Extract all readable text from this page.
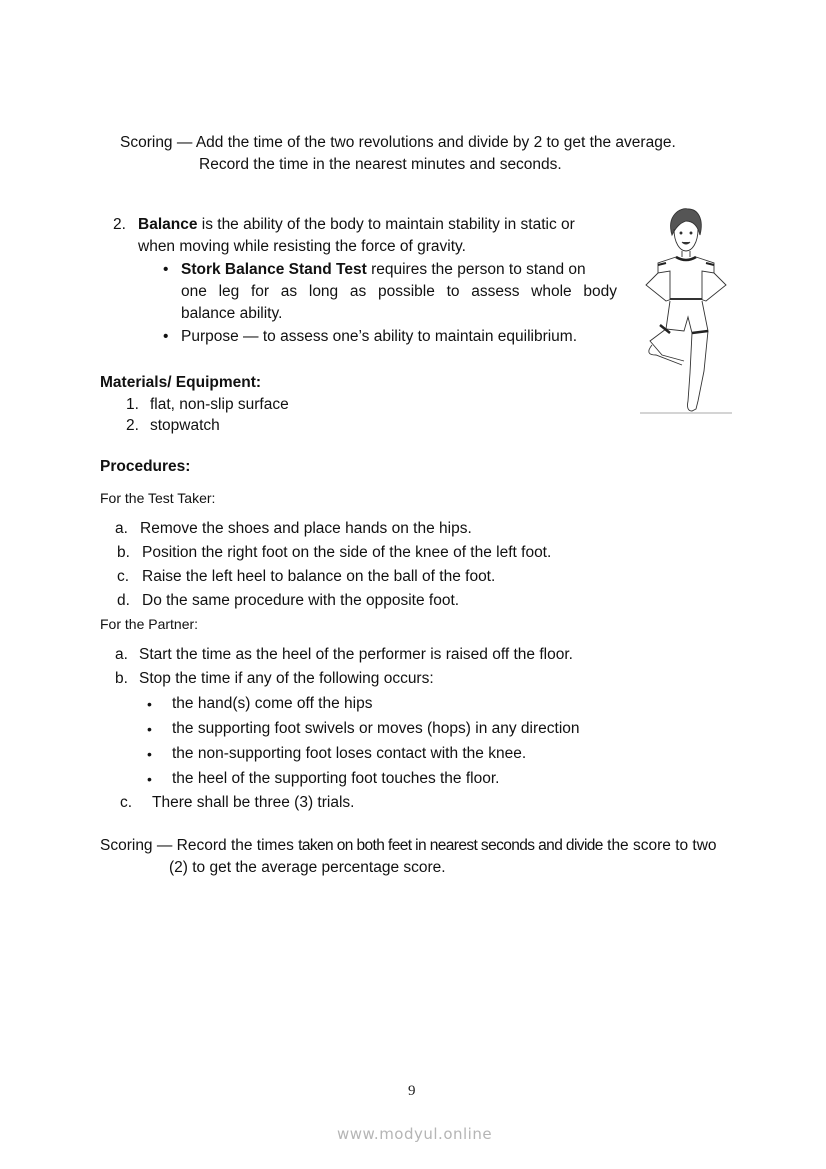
Scoring — Add the time of the two revolutions and divide by 2 to get the average.
Record the time in the nearest minutes and seconds.
2. Balance is the ability of the body to maintain stability in static or
when moving while resisting the force of gravity.
• Stork Balance Stand Test requires the person to stand on
one leg for as long as possible to assess whole body
balance ability.
• Purpose — to assess one’s ability to maintain equilibrium.
Materials/ Equipment:
1. flat, non-slip surface
2. stopwatch
Procedures:
For the Test Taker:
a. Remove the shoes and place hands on the hips.
b. Position the right foot on the side of the knee of the left foot.
c. Raise the left heel to balance on the ball of the foot.
d. Do the same procedure with the opposite foot.
For the Partner:
a. Start the time as the heel of the performer is raised off the floor.
b. Stop the time if any of the following occurs:
• the hand(s) come off the hips
• the supporting foot swivels or moves (hops) in any direction
• the non-supporting foot loses contact with the knee.
• the heel of the supporting foot touches the floor.
c. There shall be three (3) trials.
Scoring — Record the times taken on both feet in nearest seconds and divide the score to two
(2) to get the average percentage score.
9
www.modyul.online
